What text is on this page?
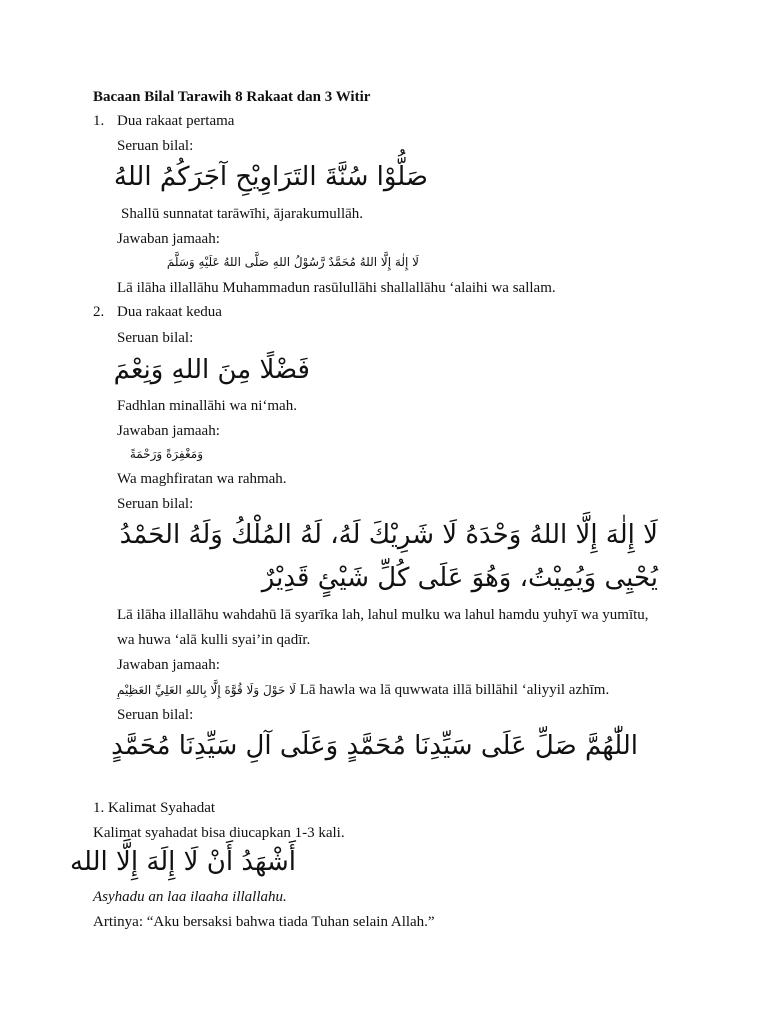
Bacaan Bilal Tarawih 8 Rakaat dan 3 Witir
1. Dua rakaat pertama
Seruan bilal:
صَلُّوْا سُنَّةَ التَرَاوِيْحِ آجَرَكُمُ اللهُ
Shallū sunnatat tarāwīhi, ājarakumullāh.
Jawaban jamaah:
لَا إِلٰهَ إِلَّا اللهُ مُحَمَّدٌ رَّسُوْلُ اللهِ صَلَّى اللهُ عَلَيْهِ وَسَلَّمَ
Lā ilāha illallāhu Muhammadun rasūlullāhi shallallāhu ‘alaihi wa sallam.
2. Dua rakaat kedua
Seruan bilal:
فَضْلًا مِنَ اللهِ وَنِعْمَ
Fadhlan minallāhi wa ni‘mah.
Jawaban jamaah:
وَمَغْفِرَةً وَرَحْمَةً
Wa maghfiratan wa rahmah.
Seruan bilal:
لَا إِلٰهَ إِلَّا اللهُ وَحْدَهُ لَا شَرِيْكَ لَهُ، لَهُ المُلْكُ وَلَهُ الحَمْدُ
يُحْيِى وَيُمِيْتُ، وَهُوَ عَلَى كُلِّ شَيْئٍ قَدِيْرٌ
Lā ilāha illallāhu wahdahū lā syarīka lah, lahul mulku wa lahul hamdu yuhyī wa yumītu,
wa huwa ‘alā kulli syai’in qadīr.
Jawaban jamaah:
لَا حَوْلَ وَلَا قُوَّةَ إِلَّا بِاللهِ العَلِيِّ العَظِيْمِ Lā hawla wa lā quwwata illā billāhil ‘aliyyil azhīm.
Seruan bilal:
اللّٰهُمَّ صَلِّ عَلَى سَيِّدِنَا مُحَمَّدٍ وَعَلَى آلِ سَيِّدِنَا مُحَمَّدٍ
1. Kalimat Syahadat
Kalimat syahadat bisa diucapkan 1-3 kali.
أَشْهَدُ أَنْ لَا إِلَهَ إِلَّا الله
Asyhadu an laa ilaaha illallahu.
Artinya: “Aku bersaksi bahwa tiada Tuhan selain Allah.”
